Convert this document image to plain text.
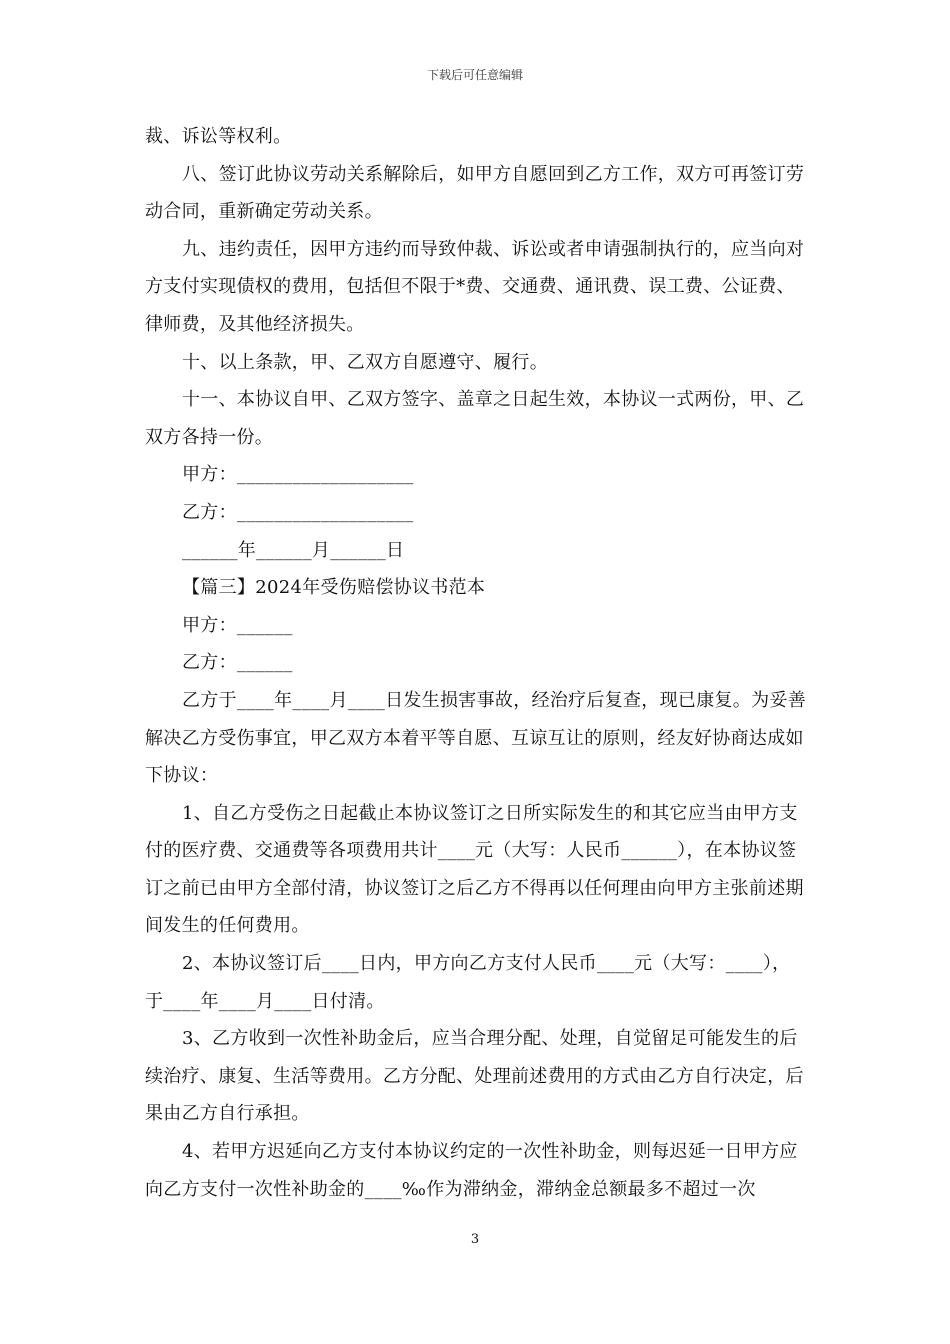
下载后可任意编辑

裁、诉讼等权利。

八、签订此协议劳动关系解除后，如甲方自愿回到乙方工作，双方可再签订劳动合同，重新确定劳动关系。

九、违约责任，因甲方违约而导致仲裁、诉讼或者申请强制执行的，应当向对方支付实现债权的费用，包括但不限于*费、交通费、通讯费、误工费、公证费、律师费，及其他经济损失。

十、以上条款，甲、乙双方自愿遵守、履行。

十一、本协议自甲、乙双方签字、盖章之日起生效，本协议一式两份，甲、乙双方各持一份。

甲方：___________________

乙方：___________________

______年______月______日

【篇三】2024年受伤赔偿协议书范本

甲方：______

乙方：______

乙方于____年____月____日发生损害事故，经治疗后复查，现已康复。为妥善解决乙方受伤事宜，甲乙双方本着平等自愿、互谅互让的原则，经友好协商达成如下协议：

1、自乙方受伤之日起截止本协议签订之日所实际发生的和其它应当由甲方支付的医疗费、交通费等各项费用共计____元（大写：人民币______），在本协议签订之前已由甲方全部付清，协议签订之后乙方不得再以任何理由向甲方主张前述期间发生的任何费用。

2、本协议签订后____日内，甲方向乙方支付人民币____元（大写：____），于____年____月____日付清。

3、乙方收到一次性补助金后，应当合理分配、处理，自觉留足可能发生的后续治疗、康复、生活等费用。乙方分配、处理前述费用的方式由乙方自行决定，后果由乙方自行承担。

4、若甲方迟延向乙方支付本协议约定的一次性补助金，则每迟延一日甲方应向乙方支付一次性补助金的____‰作为滞纳金，滞纳金总额最多不超过一次

3
